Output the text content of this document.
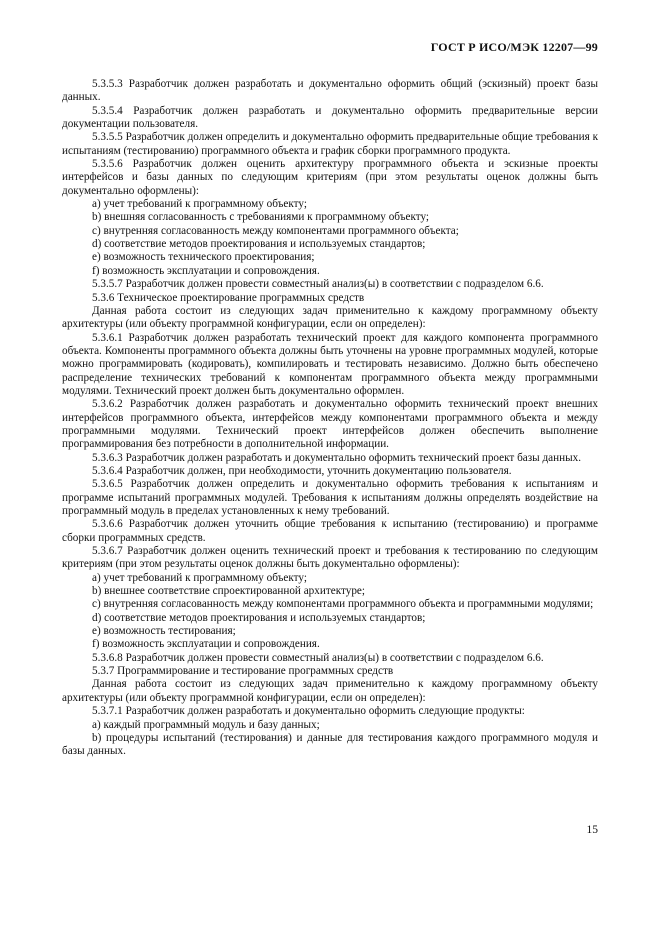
ГОСТ Р ИСО/МЭК 12207—99

5.3.5.3 Разработчик должен разработать и документально оформить общий (эскизный) проект базы данных.

5.3.5.4 Разработчик должен разработать и документально оформить предварительные версии документации пользователя.

5.3.5.5 Разработчик должен определить и документально оформить предварительные общие требования к испытаниям (тестированию) программного объекта и график сборки программного продукта.

5.3.5.6 Разработчик должен оценить архитектуру программного объекта и эскизные проекты интерфейсов и базы данных по следующим критериям (при этом результаты оценок должны быть документально оформлены):

a) учет требований к программному объекту;

b) внешняя согласованность с требованиями к программному объекту;

c) внутренняя согласованность между компонентами программного объекта;

d) соответствие методов проектирования и используемых стандартов;

e) возможность технического проектирования;

f) возможность эксплуатации и сопровождения.

5.3.5.7 Разработчик должен провести совместный анализ(ы) в соответствии с подразделом 6.6.

5.3.6 Техническое проектирование программных средств

Данная работа состоит из следующих задач применительно к каждому программному объекту архитектуры (или объекту программной конфигурации, если он определен):

5.3.6.1 Разработчик должен разработать технический проект для каждого компонента программного объекта. Компоненты программного объекта должны быть уточнены на уровне программных модулей, которые можно программировать (кодировать), компилировать и тестировать независимо. Должно быть обеспечено распределение технических требований к компонентам программного объекта между программными модулями. Технический проект должен быть документально оформлен.

5.3.6.2 Разработчик должен разработать и документально оформить технический проект внешних интерфейсов программного объекта, интерфейсов между компонентами программного объекта и между программными модулями. Технический проект интерфейсов должен обеспечить выполнение программирования без потребности в дополнительной информации.

5.3.6.3 Разработчик должен разработать и документально оформить технический проект базы данных.

5.3.6.4 Разработчик должен, при необходимости, уточнить документацию пользователя.

5.3.6.5 Разработчик должен определить и документально оформить требования к испытаниям и программе испытаний программных модулей. Требования к испытаниям должны определять воздействие на программный модуль в пределах установленных к нему требований.

5.3.6.6 Разработчик должен уточнить общие требования к испытанию (тестированию) и программе сборки программных средств.

5.3.6.7 Разработчик должен оценить технический проект и требования к тестированию по следующим критериям (при этом результаты оценок должны быть документально оформлены):

a) учет требований к программному объекту;

b) внешнее соответствие спроектированной архитектуре;

c) внутренняя согласованность между компонентами программного объекта и программными модулями;

d) соответствие методов проектирования и используемых стандартов;

e) возможность тестирования;

f) возможность эксплуатации и сопровождения.

5.3.6.8 Разработчик должен провести совместный анализ(ы) в соответствии с подразделом 6.6.

5.3.7 Программирование и тестирование программных средств

Данная работа состоит из следующих задач применительно к каждому программному объекту архитектуры (или объекту программной конфигурации, если он определен):

5.3.7.1 Разработчик должен разработать и документально оформить следующие продукты:

a) каждый программный модуль и базу данных;

b) процедуры испытаний (тестирования) и данные для тестирования каждого программного модуля и базы данных.

15
